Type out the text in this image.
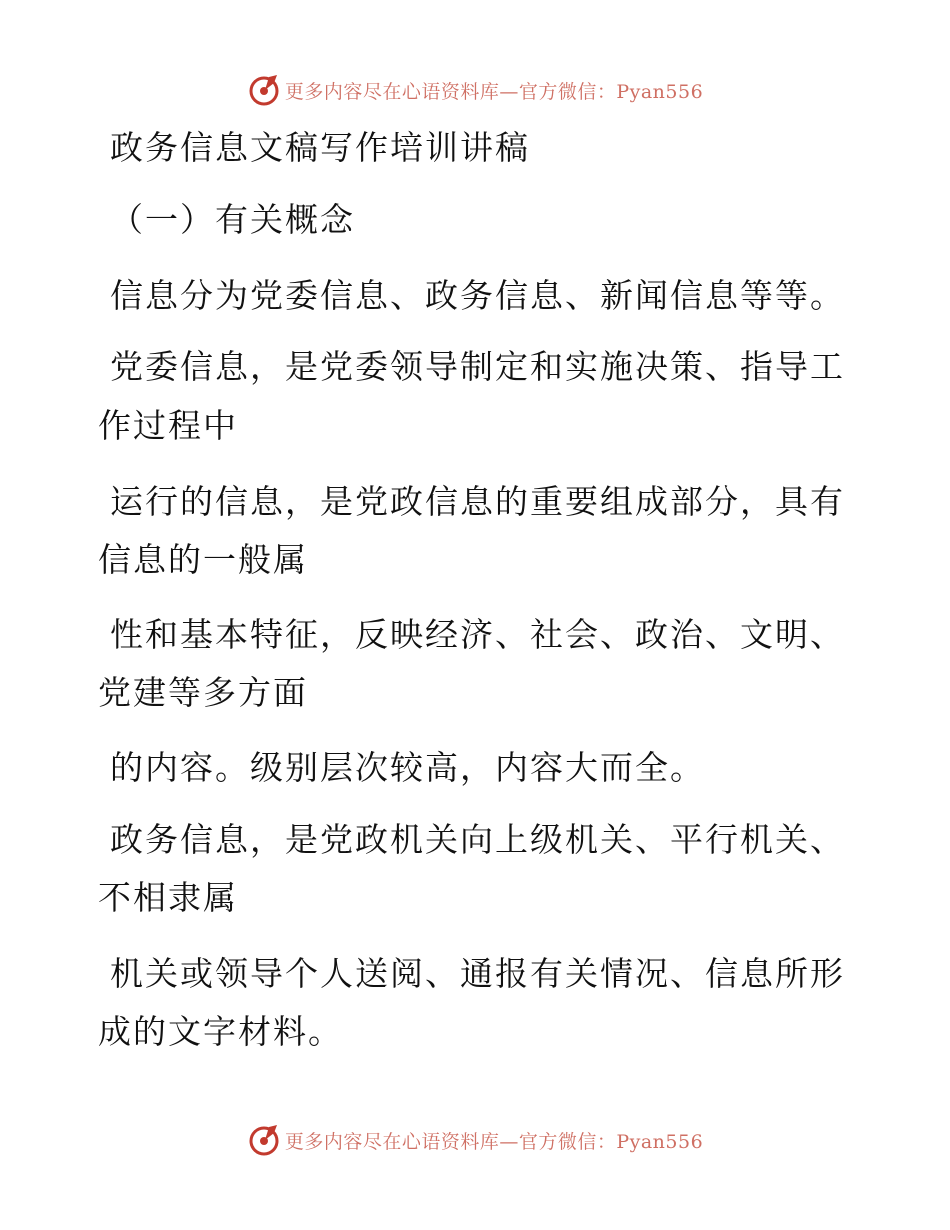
更多内容尽在心语资料库—官方微信：Pyan556
政务信息文稿写作培训讲稿
（一）有关概念
信息分为党委信息、政务信息、新闻信息等等。
党委信息，是党委领导制定和实施决策、指导工
作过程中
运行的信息，是党政信息的重要组成部分，具有
信息的一般属
性和基本特征，反映经济、社会、政治、文明、
党建等多方面
的内容。级别层次较高，内容大而全。
政务信息，是党政机关向上级机关、平行机关、
不相隶属
机关或领导个人送阅、通报有关情况、信息所形
成的文字材料。
更多内容尽在心语资料库—官方微信：Pyan556
